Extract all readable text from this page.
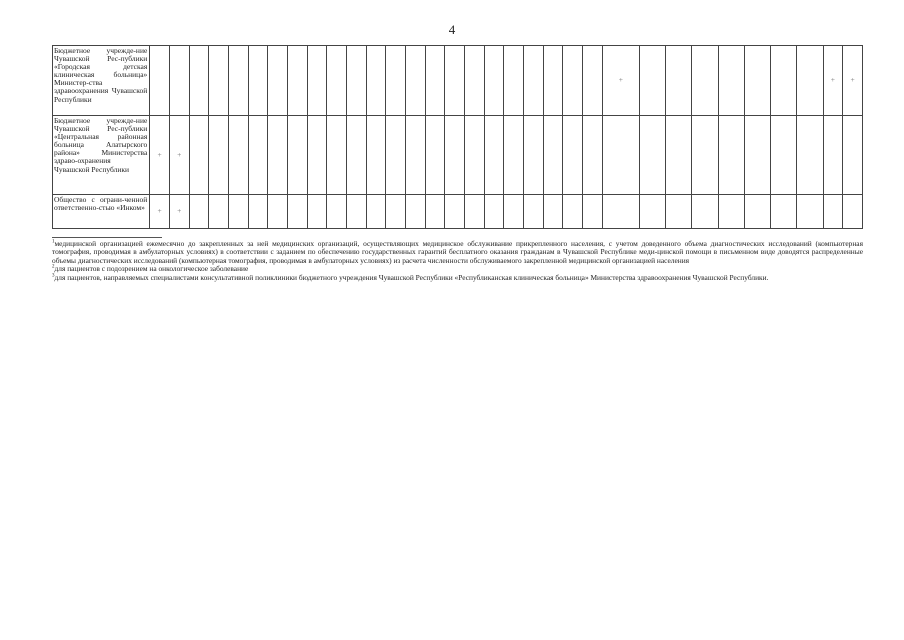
4
Бюджетное учрежде-ние Чувашской Рес-публики «Городская детская клиническая больница» Министер-ства здравоохранения Чувашской Республики																								+								+	+
Бюджетное учрежде-ние Чувашской Рес-публики «Центральная районная больница Алатырского района» Министерства здраво-охранения Чувашской Республики	+	+																															
Общество с ограни-ченной ответственно-стью «Инком»	+	+																															

$^1$медицинской организацией ежемесячно до закрепленных за ней медицинских организаций, осуществляющих медицинское обслуживание прикрепленного населения, с учетом доведенного объема диагностических исследований (компьютерная томография, проводимая в амбулаторных условиях) в соответствии с заданием по обеспечению государственных гарантий бесплатного оказания гражданам в Чувашской Республике меди-цинской помощи в письменном виде доводятся распределенные объемы диагностических исследований (компьютерная томография, проводимая в амбулаторных условиях) из расчета численности обслуживаемого закрепленной медицинской организацией населения

$^2$для пациентов с подозрением на онкологическое заболевание

$^3$для пациентов, направляемых специалистами консультативной поликлиники бюджетного учреждения Чувашской Республики «Республиканская клиническая больница» Министерства здравоохранения Чувашской Республики.
